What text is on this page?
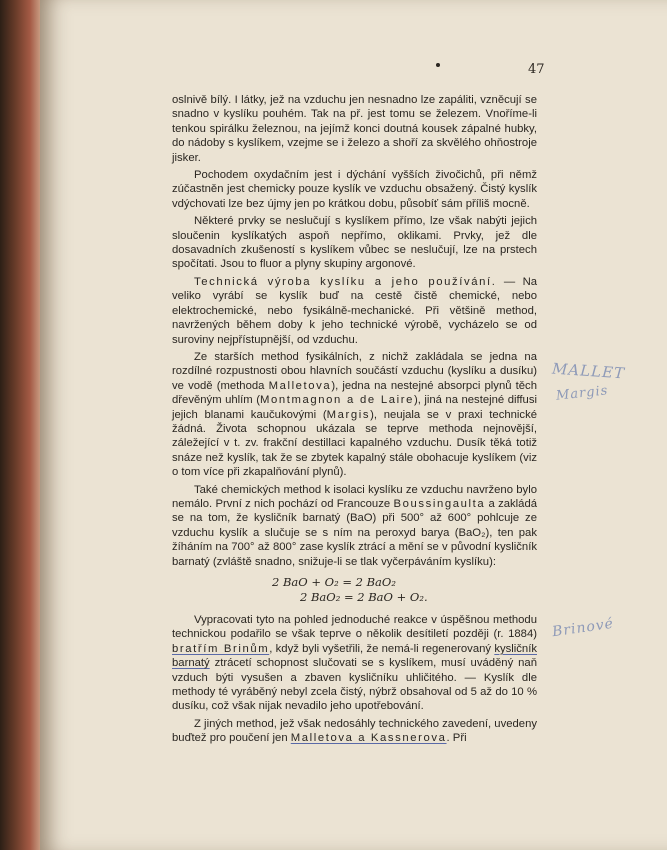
47

oslnivě bílý. I látky, jež na vzduchu jen nesnadno lze zapáliti, vzněcují se snadno v kyslíku pouhém. Tak na př. jest tomu se železem. Vnoříme-li tenkou spirálku železnou, na jejímž konci doutná kousek zápalné hubky, do nádoby s kyslíkem, vzejme se i železo a shoří za skvělého ohňostroje jisker.

Pochodem oxydačním jest i dýchání vyšších živočichů, při němž zúčastněn jest chemicky pouze kyslík ve vzduchu obsažený. Čistý kyslík vdýchovati lze bez újmy jen po krátkou dobu, působíť sám příliš mocně.

Některé prvky se neslučují s kyslíkem přímo, lze však nabýti jejich sloučenin kyslíkatých aspoň nepřímo, oklikami. Prvky, jež dle dosavadních zkušeností s kyslíkem vůbec se neslučují, lze na prstech spočítati. Jsou to fluor a plyny skupiny argonové.

Technická výroba kyslíku a jeho používání. — Na veliko vyrábí se kyslík buď na cestě čistě chemické, nebo elektrochemické, nebo fysikálně-mechanické. Při většině method, navržených během doby k jeho technické výrobě, vycházelo se od suroviny nejpřístupnější, od vzduchu.

Ze starších method fysikálních, z nichž zakládala se jedna na rozdílné rozpustnosti obou hlavních součástí vzduchu (kyslíku a dusíku) ve vodě (methoda Malletova), jedna na nestejné absorpci plynů těch dřevěným uhlím (Montmagnon a de Laire), jiná na nestejné diffusi jejich blanami kaučukovými (Margis), neujala se v praxi technické žádná. Života schopnou ukázala se teprve methoda nejnovější, záležející v t. zv. frakční destillaci kapalného vzduchu. Dusík těká totiž snáze než kyslík, tak že se zbytek kapalný stále obohacuje kyslíkem (viz o tom více při zkapalňování plynů).

Také chemických method k isolaci kyslíku ze vzduchu navrženo bylo nemálo. První z nich pochází od Francouze Boussingaulta a zakládá se na tom, že kysličník barnatý (BaO) při 500° až 600° pohlcuje ze vzduchu kyslík a slučuje se s ním na peroxyd barya (BaO₂), ten pak žíháním na 700° až 800° zase kyslík ztrácí a mění se v původní kysličník barnatý (zvláště snadno, snižuje-li se tlak vyčerpáváním kyslíku):

2 BaO + O₂ = 2 BaO₂
2 BaO₂ = 2 BaO + O₂.

Vypracovati tyto na pohled jednoduché reakce v úspěšnou methodu technickou podařilo se však teprve o několik desítiletí později (r. 1884) bratřím Brinům, když byli vyšetřili, že nemá-li regenerovaný kysličník barnatý ztrácetí schopnost slučovati se s kyslíkem, musí uváděný naň vzduch býti vysušen a zbaven kysličníku uhličitého. — Kyslík dle methody té vyráběný nebyl zcela čistý, nýbrž obsahoval od 5 až do 10 % dusíku, což však nijak nevadilo jeho upotřebování.

Z jiných method, jež však nedosáhly technického zavedení, uvedeny buďtež pro poučení jen Malletova a Kassnerova. Při

MALLET
Margis
Brinové
